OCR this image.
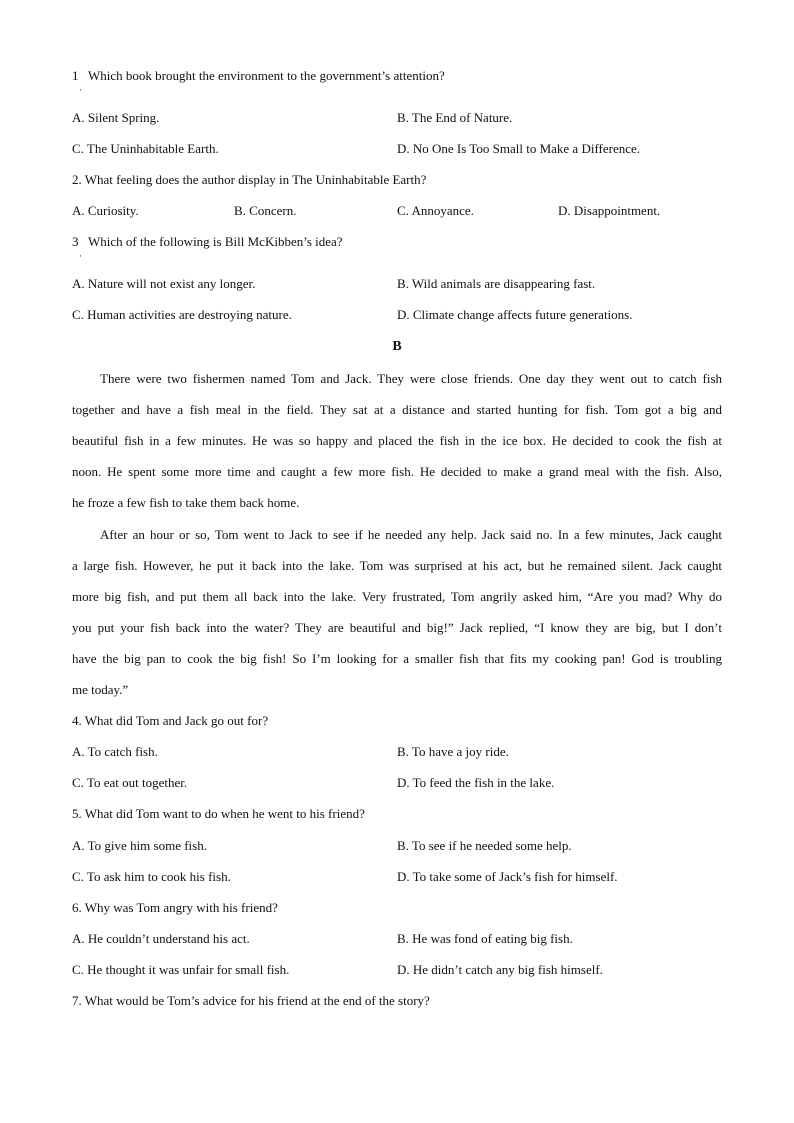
1 Which book brought the environment to the government’s attention?
·
A. Silent Spring.	B. The End of Nature.
C. The Uninhabitable Earth.	D. No One Is Too Small to Make a Difference.
2. What feeling does the author display in The Uninhabitable Earth?
A. Curiosity.	B. Concern.	C. Annoyance.	D. Disappointment.
3 Which of the following is Bill McKibben’s idea?
·
A. Nature will not exist any longer.	B. Wild animals are disappearing fast.
C. Human activities are destroying nature.	D. Climate change affects future generations.
B
There were two fishermen named Tom and Jack. They were close friends. One day they went out to catch fish
together and have a fish meal in the field. They sat at a distance and started hunting for fish. Tom got a big and
beautiful fish in a few minutes. He was so happy and placed the fish in the ice box. He decided to cook the fish at
noon. He spent some more time and caught a few more fish. He decided to make a grand meal with the fish. Also,
he froze a few fish to take them back home.
After an hour or so, Tom went to Jack to see if he needed any help. Jack said no. In a few minutes, Jack caught
a large fish. However, he put it back into the lake. Tom was surprised at his act, but he remained silent. Jack caught
more big fish, and put them all back into the lake. Very frustrated, Tom angrily asked him, “Are you mad? Why do
you put your fish back into the water? They are beautiful and big!” Jack replied, “I know they are big, but I don’t
have the big pan to cook the big fish! So I’m looking for a smaller fish that fits my cooking pan! God is troubling
me today.”
4. What did Tom and Jack go out for?
A. To catch fish.	B. To have a joy ride.
C. To eat out together.	D. To feed the fish in the lake.
5. What did Tom want to do when he went to his friend?
A. To give him some fish.	B. To see if he needed some help.
C. To ask him to cook his fish.	D. To take some of Jack’s fish for himself.
6. Why was Tom angry with his friend?
A. He couldn’t understand his act.	B. He was fond of eating big fish.
C. He thought it was unfair for small fish.	D. He didn’t catch any big fish himself.
7. What would be Tom’s advice for his friend at the end of the story?
